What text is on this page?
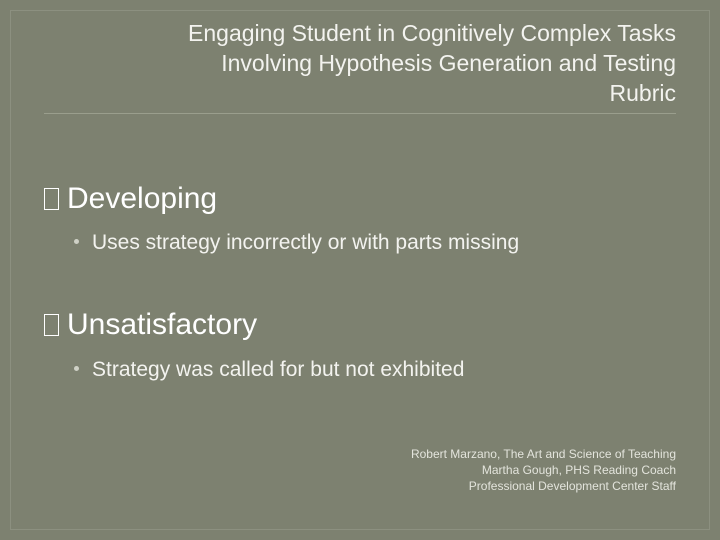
Engaging Student in Cognitively Complex Tasks
Involving Hypothesis Generation and Testing
Rubric
Developing
Uses strategy incorrectly or with parts missing
Unsatisfactory
Strategy was called for but not exhibited
Robert Marzano, The Art and Science of Teaching
Martha Gough, PHS Reading Coach
Professional Development Center Staff
